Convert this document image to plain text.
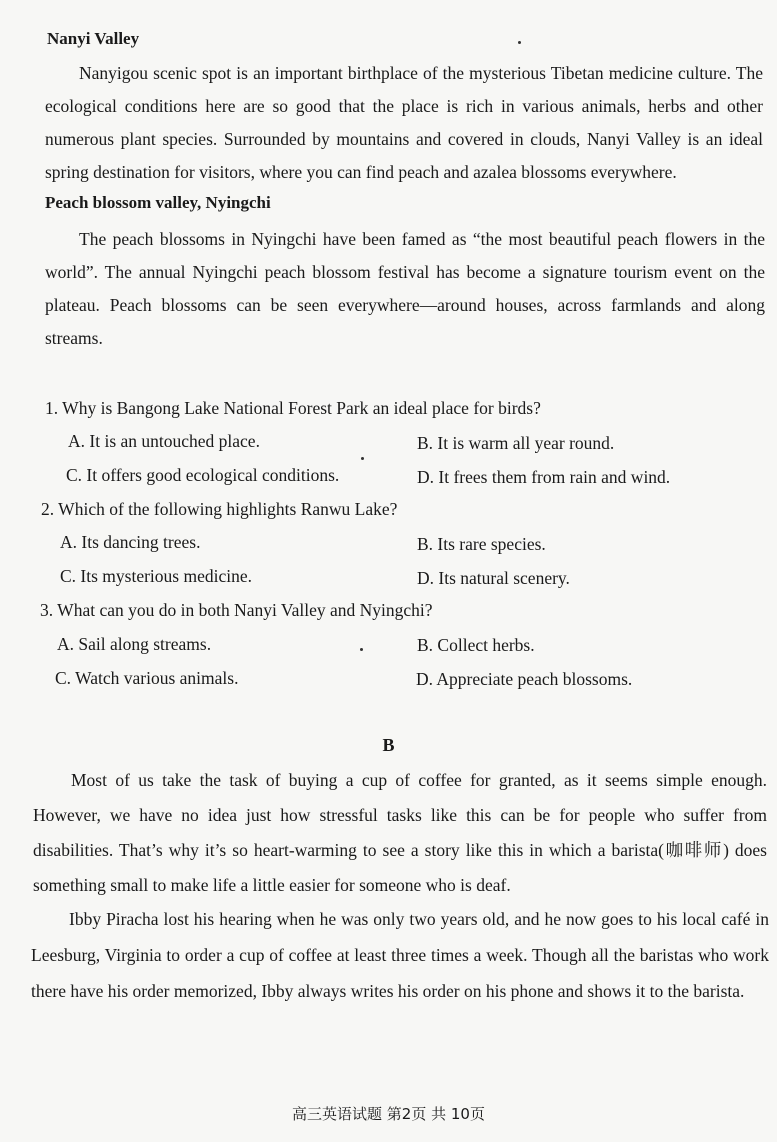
Nanyi Valley
Nanyigou scenic spot is an important birthplace of the mysterious Tibetan medicine culture. The ecological conditions here are so good that the place is rich in various animals, herbs and other numerous plant species. Surrounded by mountains and covered in clouds, Nanyi Valley is an ideal spring destination for visitors, where you can find peach and azalea blossoms everywhere.
Peach blossom valley, Nyingchi
The peach blossoms in Nyingchi have been famed as “the most beautiful peach flowers in the world”. The annual Nyingchi peach blossom festival has become a signature tourism event on the plateau. Peach blossoms can be seen everywhere—around houses, across farmlands and along streams.
1. Why is Bangong Lake National Forest Park an ideal place for birds?
A. It is an untouched place.	B. It is warm all year round.
C. It offers good ecological conditions.	D. It frees them from rain and wind.
2. Which of the following highlights Ranwu Lake?
A. Its dancing trees.	B. Its rare species.
C. Its mysterious medicine.	D. Its natural scenery.
3. What can you do in both Nanyi Valley and Nyingchi?
A. Sail along streams.	B. Collect herbs.
C. Watch various animals.	D. Appreciate peach blossoms.
B
Most of us take the task of buying a cup of coffee for granted, as it seems simple enough. However, we have no idea just how stressful tasks like this can be for people who suffer from disabilities. That’s why it’s so heart-warming to see a story like this in which a barista(咖啡师) does something small to make life a little easier for someone who is deaf.
Ibby Piracha lost his hearing when he was only two years old, and he now goes to his local café in Leesburg, Virginia to order a cup of coffee at least three times a week. Though all the baristas who work there have his order memorized, Ibby always writes his order on his phone and shows it to the barista.
高三英语试题 第2页 共 10页
